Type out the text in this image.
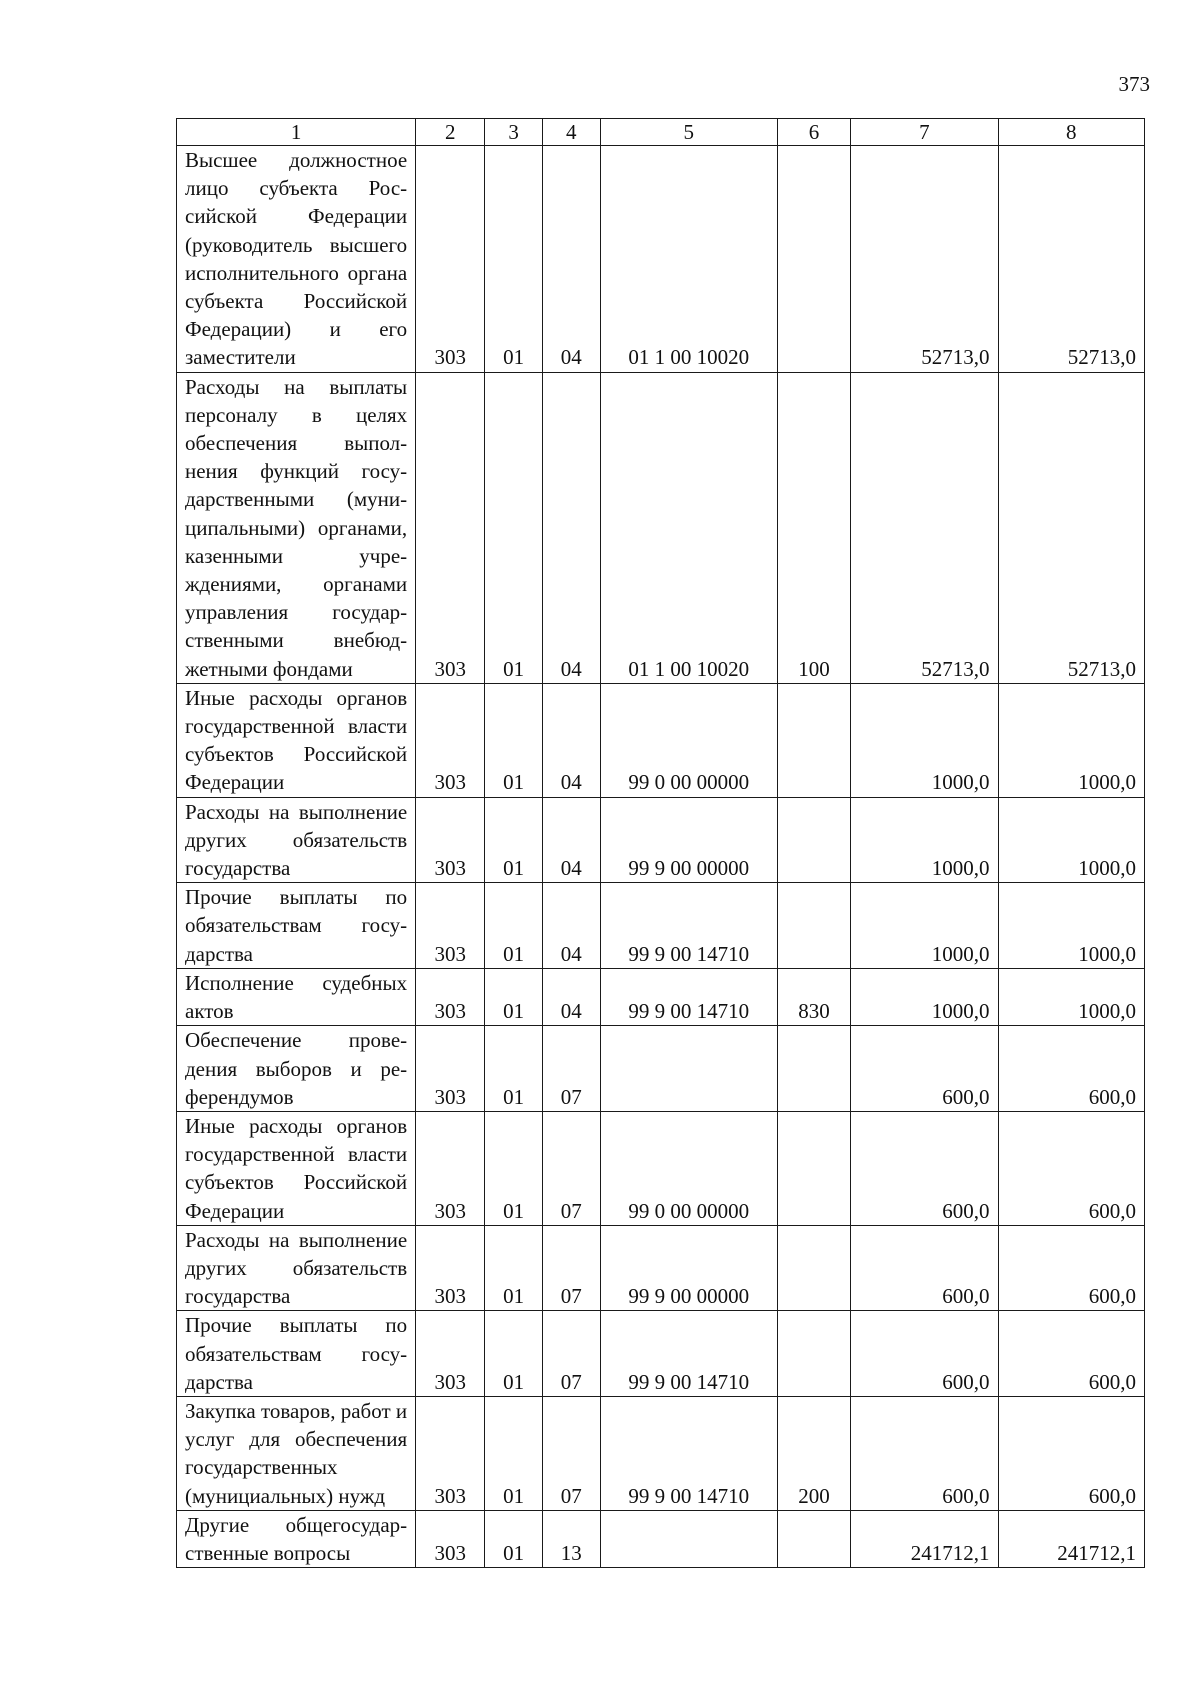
373
1	2	3	4	5	6	7	8
Высшее должностное лицо субъекта Российской Федерации (руководитель высшего исполнительного органа субъекта Российской Федерации) и его заместители	303	01	04	01 1 00 10020		52713,0	52713,0
Расходы на выплаты персоналу в целях обеспечения выполнения функций государственными (муниципальными) органами, казенными учреждениями, органами управления государственными внебюджетными фондами	303	01	04	01 1 00 10020	100	52713,0	52713,0
Иные расходы органов государственной власти субъектов Российской Федерации	303	01	04	99 0 00 00000		1000,0	1000,0
Расходы на выполнение других обязательств государства	303	01	04	99 9 00 00000		1000,0	1000,0
Прочие выплаты по обязательствам государства	303	01	04	99 9 00 14710		1000,0	1000,0
Исполнение судебных актов	303	01	04	99 9 00 14710	830	1000,0	1000,0
Обеспечение проведения выборов и референдумов	303	01	07			600,0	600,0
Иные расходы органов государственной власти субъектов Российской Федерации	303	01	07	99 0 00 00000		600,0	600,0
Расходы на выполнение других обязательств государства	303	01	07	99 9 00 00000		600,0	600,0
Прочие выплаты по обязательствам государства	303	01	07	99 9 00 14710		600,0	600,0
Закупка товаров, работ и услуг для обеспечения государственных (мунициальных) нужд	303	01	07	99 9 00 14710	200	600,0	600,0
Другие общегосударственные вопросы	303	01	13			241712,1	241712,1
